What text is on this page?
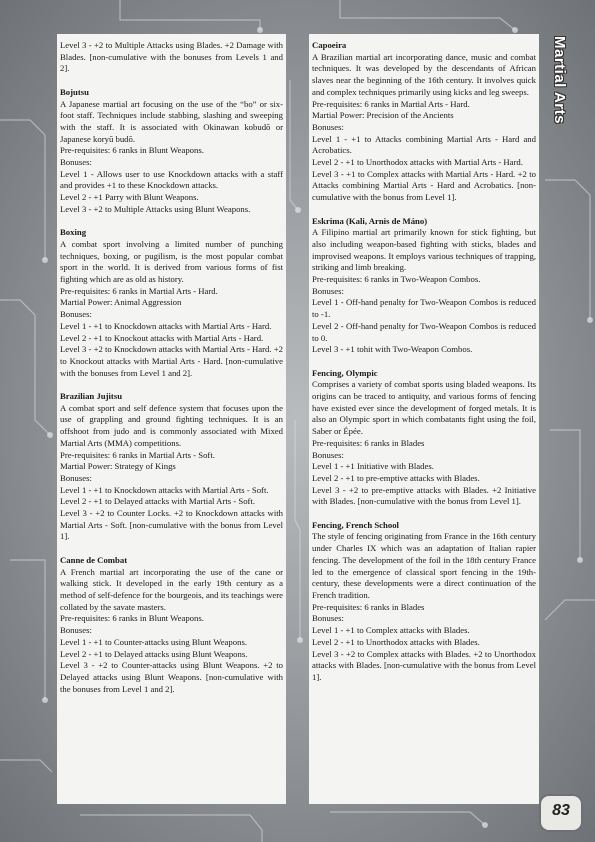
Martial Arts
Level 3 - +2 to Multiple Attacks using Blades. +2 Damage with Blades. [non-cumulative with the bonuses from Levels 1 and 2].
Bojutsu
A Japanese martial art focusing on the use of the “bo” or six-foot staff. Techniques include stabbing, slashing and sweeping with the staff. It is associated with Okinawan kobudō or Japanese koryū budō.
Pre-requisites: 6 ranks in Blunt Weapons.
Bonuses:
Level 1 - Allows user to use Knockdown attacks with a staff and provides +1 to these Knockdown attacks.
Level 2 - +1 Parry with Blunt Weapons.
Level 3 - +2 to Multiple Attacks using Blunt Weapons.
Boxing
A combat sport involving a limited number of punching techniques, boxing, or pugilism, is the most popular combat sport in the world. It is derived from various forms of fist fighting which are as old as history.
Pre-requisites: 6 ranks in Martial Arts - Hard.
Martial Power: Animal Aggression
Bonuses:
Level 1 - +1 to Knockdown attacks with Martial Arts - Hard.
Level 2 - +1 to Knockout attacks with Martial Arts - Hard.
Level 3 - +2 to Knockdown attacks with Martial Arts - Hard. +2 to Knockout attacks with Martial Arts - Hard. [non-cumulative with the bonuses from Level 1 and 2].
Brazilian Jujitsu
A combat sport and self defence system that focuses upon the use of grappling and ground fighting techniques. It is an offshoot from judo and is commonly associated with Mixed Martial Arts (MMA) competitions.
Pre-requisites: 6 ranks in Martial Arts - Soft.
Martial Power: Strategy of Kings
Bonuses:
Level 1 - +1 to Knockdown attacks with Martial Arts - Soft.
Level 2 - +1 to Delayed attacks with Martial Arts - Soft.
Level 3 - +2 to Counter Locks. +2 to Knockdown attacks with Martial Arts - Soft. [non-cumulative with the bonus from Level 1].
Canne de Combat
A French martial art incorporating the use of the cane or walking stick. It developed in the early 19th century as a method of self-defence for the bourgeois, and its teachings were collated by the savate masters.
Pre-requisites: 6 ranks in Blunt Weapons.
Bonuses:
Level 1 - +1 to Counter-attacks using Blunt Weapons.
Level 2 - +1 to Delayed attacks using Blunt Weapons.
Level 3 - +2 to Counter-attacks using Blunt Weapons. +2 to Delayed attacks using Blunt Weapons. [non-cumulative with the bonuses from Level 1 and 2].
Capoeira
A Brazilian martial art incorporating dance, music and combat techniques. It was developed by the descendants of African slaves near the beginning of the 16th century. It involves quick and complex techniques primarily using kicks and leg sweeps.
Pre-requisites: 6 ranks in Martial Arts - Hard.
Martial Power: Precision of the Ancients
Bonuses:
Level 1 - +1 to Attacks combining Martial Arts - Hard and Acrobatics.
Level 2 - +1 to Unorthodox attacks with Martial Arts - Hard.
Level 3 - +1 to Complex attacks with Martial Arts - Hard. +2 to Attacks combining Martial Arts - Hard and Acrobatics. [non-cumulative with the bonus from Level 1].
Eskrima (Kali, Arnis de Máno)
A Filipino martial art primarily known for stick fighting, but also including weapon-based fighting with sticks, blades and improvised weapons. It employs various techniques of trapping, striking and limb breaking.
Pre-requisites: 6 ranks in Two-Weapon Combos.
Bonuses:
Level 1 - Off-hand penalty for Two-Weapon Combos is reduced to -1.
Level 2 - Off-hand penalty for Two-Weapon Combos is reduced to 0.
Level 3 - +1 tohit with Two-Weapon Combos.
Fencing, Olympic
Comprises a variety of combat sports using bladed weapons. Its origins can be traced to antiquity, and various forms of fencing have existed ever since the development of forged metals. It is also an Olympic sport in which combatants fight using the foil, Saber or Épée.
Pre-requisites: 6 ranks in Blades
Bonuses:
Level 1 - +1 Initiative with Blades.
Level 2 - +1 to pre-emptive attacks with Blades.
Level 3 - +2 to pre-emptive attacks with Blades. +2 Initiative with Blades. [non-cumulative with the bonus from Level 1].
Fencing, French School
The style of fencing originating from France in the 16th century under Charles IX which was an adaptation of Italian rapier fencing. The development of the foil in the 18th century France led to the emergence of classical sport fencing in the 19th-century, these developments were a direct continuation of the French tradition.
Pre-requisites: 6 ranks in Blades
Bonuses:
Level 1 - +1 to Complex attacks with Blades.
Level 2 - +1 to Unorthodox attacks with Blades.
Level 3 - +2 to Complex attacks with Blades. +2 to Unorthodox attacks with Blades. [non-cumulative with the bonus from Level 1].
83
